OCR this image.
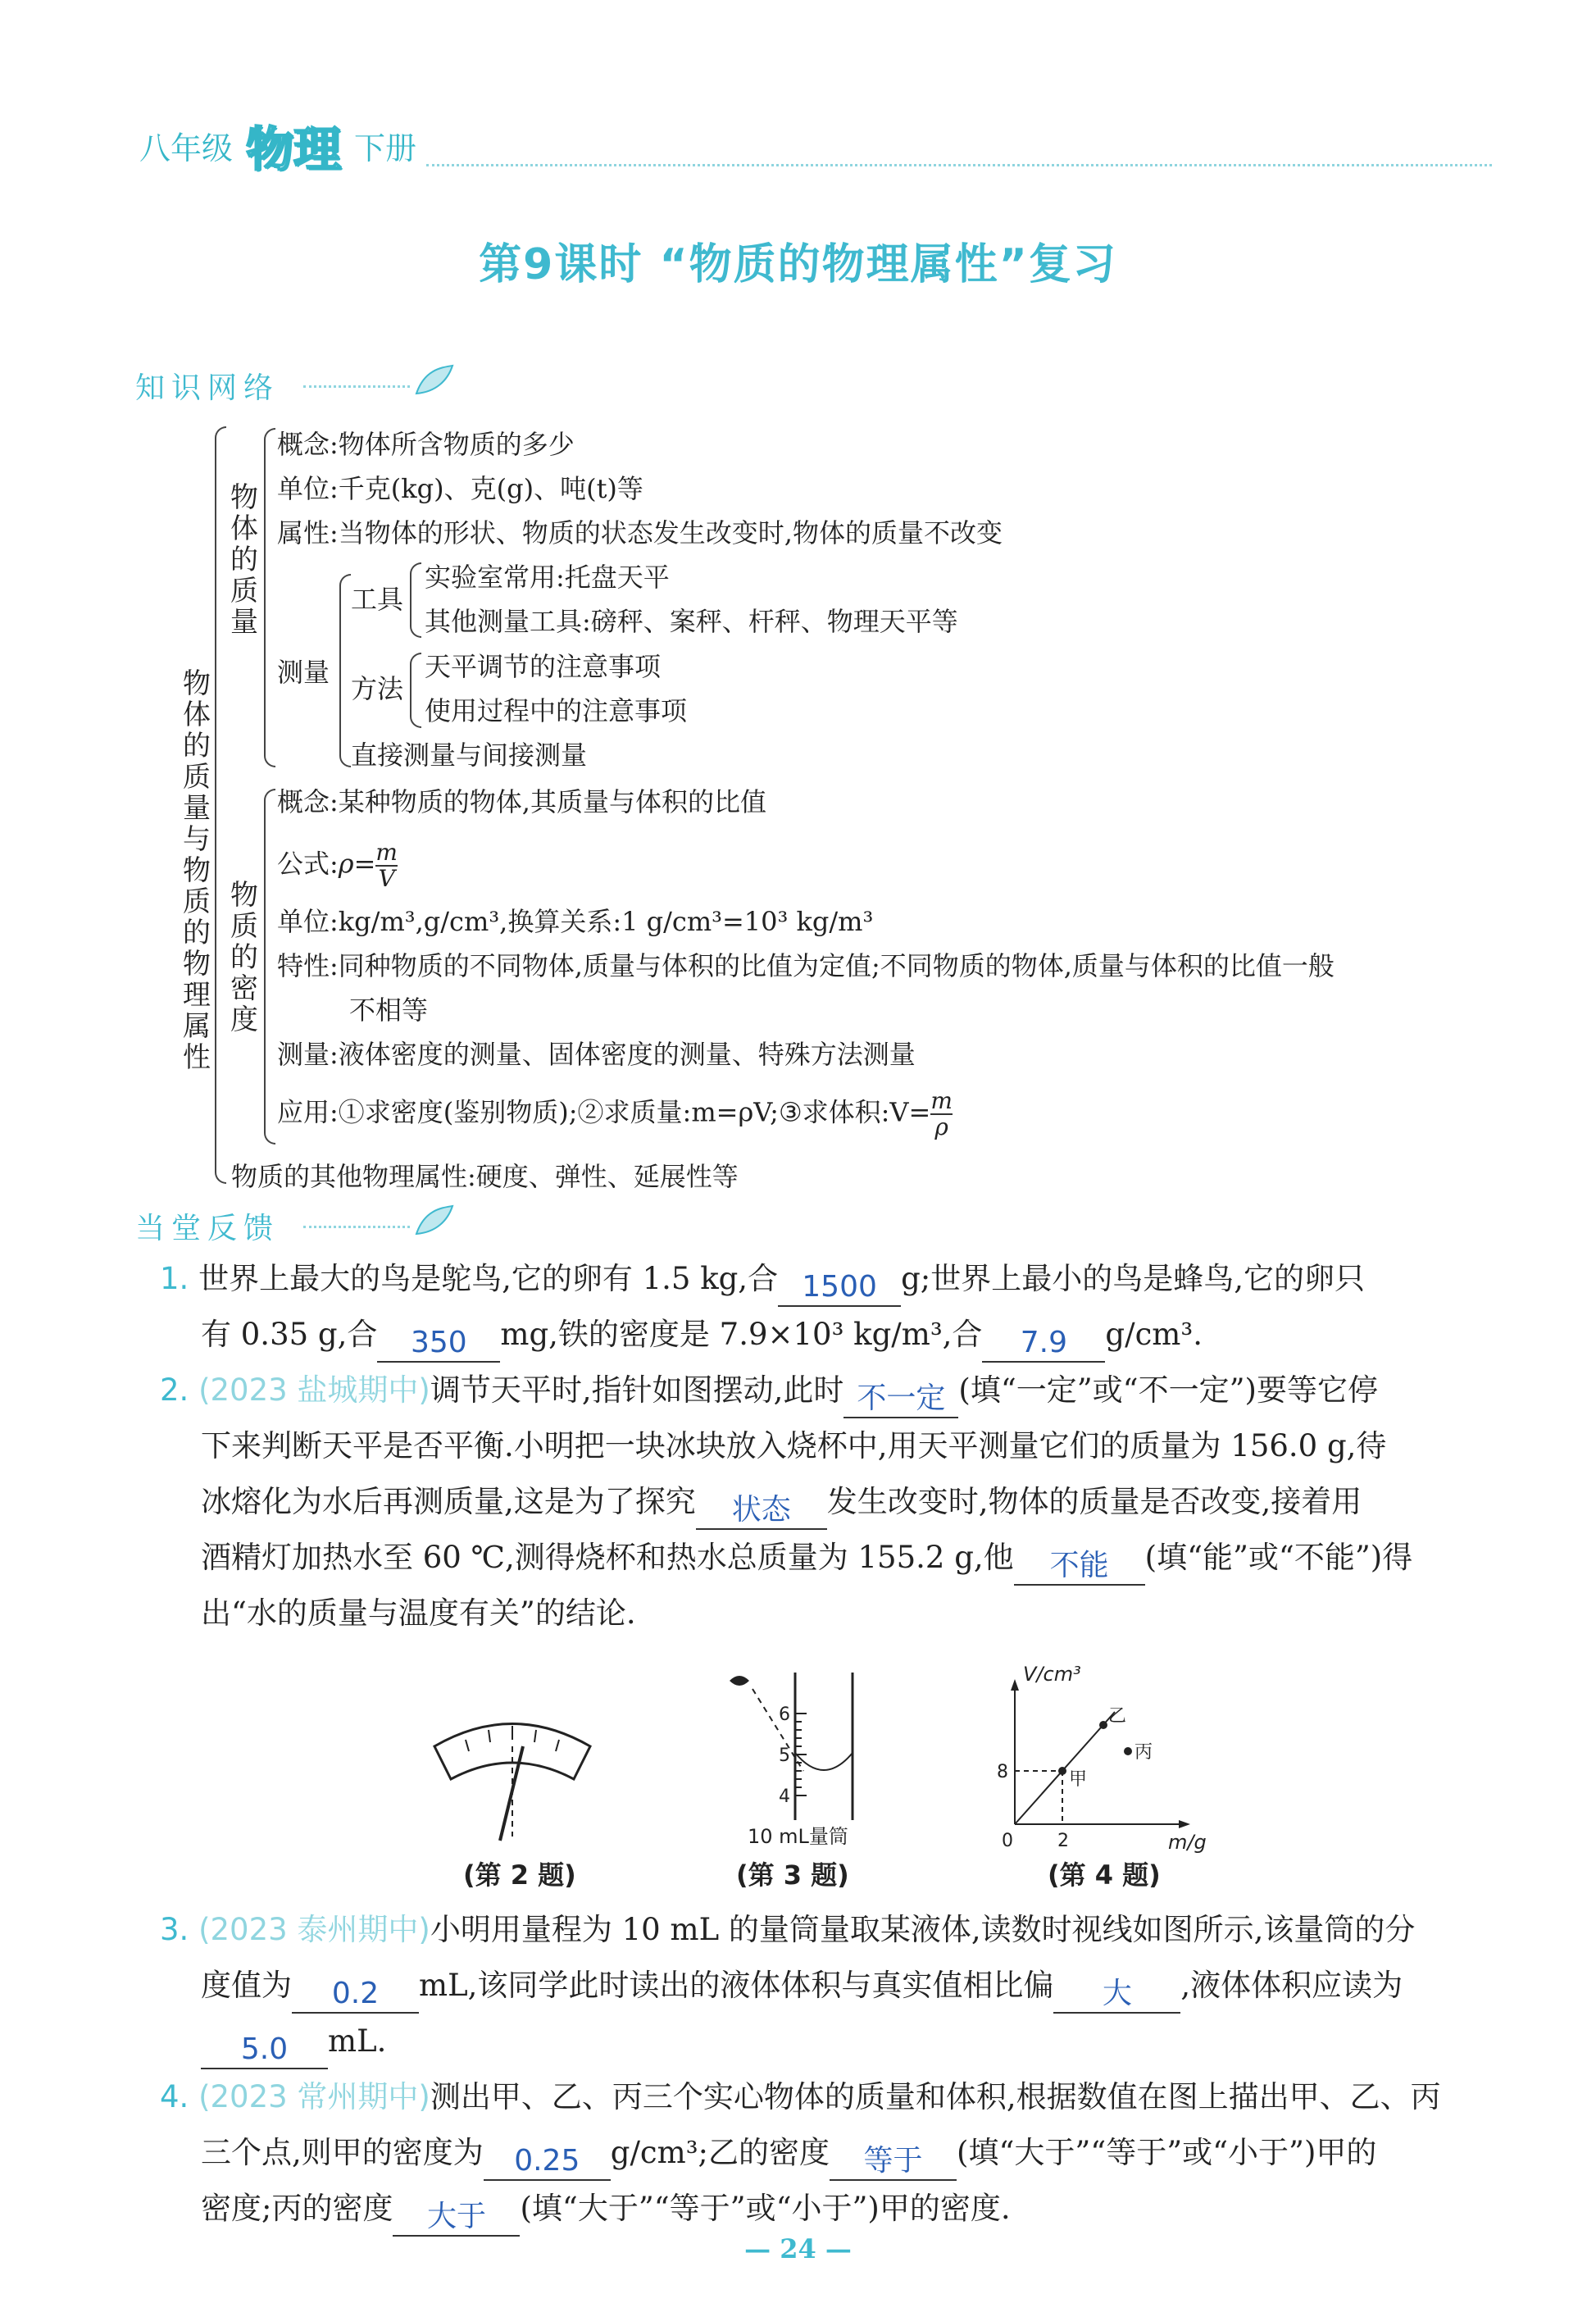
八年级 物理 下册
第9课时 “物质的物理属性”复习
知识网络
物体的质量与物质的物理属性
物体的质量
概念:物体所含物质的多少
单位:千克(kg)、克(g)、吨(t)等
属性:当物体的形状、物质的状态发生改变时,物体的质量不改变
测量
工具
实验室常用:托盘天平
其他测量工具:磅秤、案秤、杆秤、物理天平等
方法
天平调节的注意事项
使用过程中的注意事项
直接测量与间接测量
物质的密度
概念:某种物质的物体,其质量与体积的比值
公式:ρ= $\frac{m}{V}$
单位:kg/m³,g/cm³,换算关系:1 g/cm³=10³ kg/m³
特性:同种物质的不同物体,质量与体积的比值为定值;不同物质的物体,质量与体积的比值一般
不相等
测量:液体密度的测量、固体密度的测量、特殊方法测量
应用:①求密度(鉴别物质);②求质量:m=ρV;③求体积:V= $\frac{m}{\rho}$
物质的其他物理属性:硬度、弹性、延展性等
当堂反馈
1. 世界上最大的鸟是鸵鸟,它的卵有 1.5 kg,合 1500 g;世界上最小的鸟是蜂鸟,它的卵只
有 0.35 g,合	350	mg,铁的密度是 7.9×10³ kg/m³,合	7.9	g/cm³.
2. (2023 盐城期中)调节天平时,指针如图摆动,此时 不一定 (填“一定”或“不一定”)要等它停
下来判断天平是否平衡.小明把一块冰块放入烧杯中,用天平测量它们的质量为 156.0 g,待
冰熔化为水后再测质量,这是为了探究	状态	发生改变时,物体的质量是否改变,接着用
酒精灯加热水至 60 ℃,测得烧杯和热水总质量为 155.2 g,他	不能	(填“能”或“不能”)得
出“水的质量与温度有关”的结论.
(第 2 题)
6
5
4
10 mL量筒
(第 3 题)
V/cm³
m/g
0 2
8	甲
乙
丙
(第 4 题)
3. (2023 泰州期中)小明用量程为 10 mL 的量筒量取某液体,读数时视线如图所示,该量筒的分
度值为	0.2	mL,该同学此时读出的液体体积与真实值相比偏	大	,液体体积应读为
5.0	mL.
4. (2023 常州期中)测出甲、乙、丙三个实心物体的质量和体积,根据数值在图上描出甲、乙、丙
三个点,则甲的密度为	0.25	g/cm³;乙的密度	等于	(填“大于”“等于”或“小于”)甲的
密度;丙的密度	大于	(填“大于”“等于”或“小于”)甲的密度.
— 24 —
